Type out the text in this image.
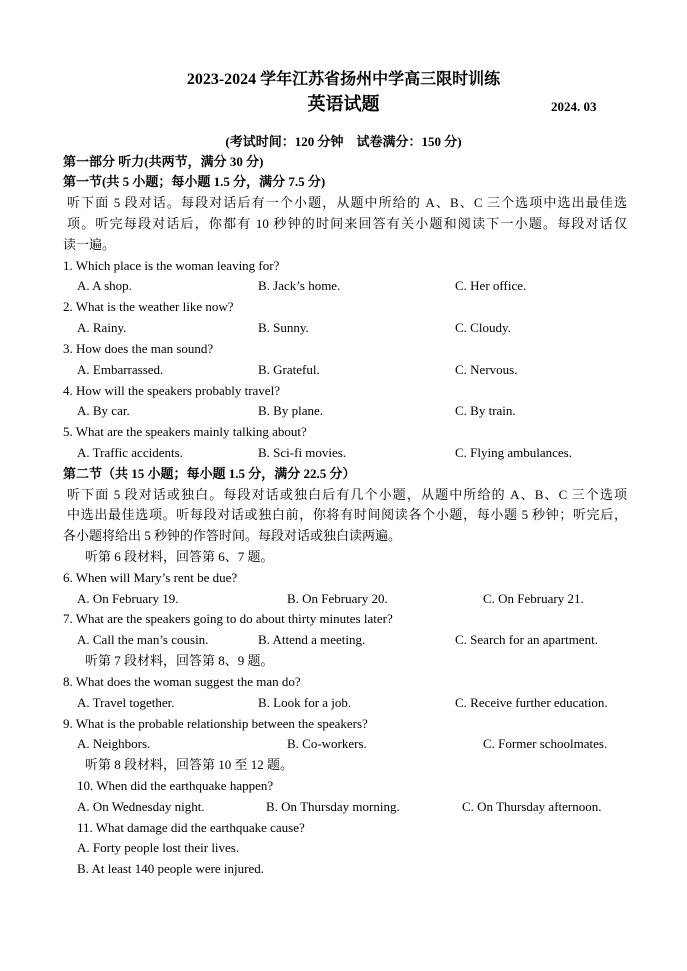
2023-2024 学年江苏省扬州中学高三限时训练
英语试题	2024. 03
(考试时间：120 分钟    试卷满分：150 分)
第一部分 听力(共两节，满分 30 分)
第一节(共 5 小题；每小题 1.5 分，满分 7.5 分)
听下面 5 段对话。每段对话后有一个小题，从题中所给的 A、B、C 三个选项中选出最佳选
项。听完每段对话后，你都有 10 秒钟的时间来回答有关小题和阅读下一小题。每段对话仅
读一遍。
1. Which place is the woman leaving for?
A. A shop.	B. Jack’s home.	C. Her office.
2. What is the weather like now?
A. Rainy.	B. Sunny.	C. Cloudy.
3. How does the man sound?
A. Embarrassed.	B. Grateful.	C. Nervous.
4. How will the speakers probably travel?
A. By car.	B. By plane.	C. By train.
5. What are the speakers mainly talking about?
A. Traffic accidents.	B. Sci-fi movies.	C. Flying ambulances.
第二节（共 15 小题；每小题 1.5 分，满分 22.5 分）
听下面 5 段对话或独白。每段对话或独白后有几个小题，从题中所给的 A、B、C 三个选项
中选出最佳选项。听每段对话或独白前，你将有时间阅读各个小题，每小题 5 秒钟；听完后，
各小题将给出 5 秒钟的作答时间。每段对话或独白读两遍。
听第 6 段材料，回答第 6、7 题。
6. When will Mary’s rent be due?
A. On February 19.	B. On February 20.	C. On February 21.
7. What are the speakers going to do about thirty minutes later?
A. Call the man’s cousin.	B. Attend a meeting.	C. Search for an apartment.
听第 7 段材料，回答第 8、9 题。
8. What does the woman suggest the man do?
A. Travel together.	B. Look for a job.	C. Receive further education.
9. What is the probable relationship between the speakers?
A. Neighbors.	B. Co-workers.	C. Former schoolmates.
听第 8 段材料，回答第 10 至 12 题。
10. When did the earthquake happen?
A. On Wednesday night.	B. On Thursday morning.	C. On Thursday afternoon.
11. What damage did the earthquake cause?
A. Forty people lost their lives.
B. At least 140 people were injured.
